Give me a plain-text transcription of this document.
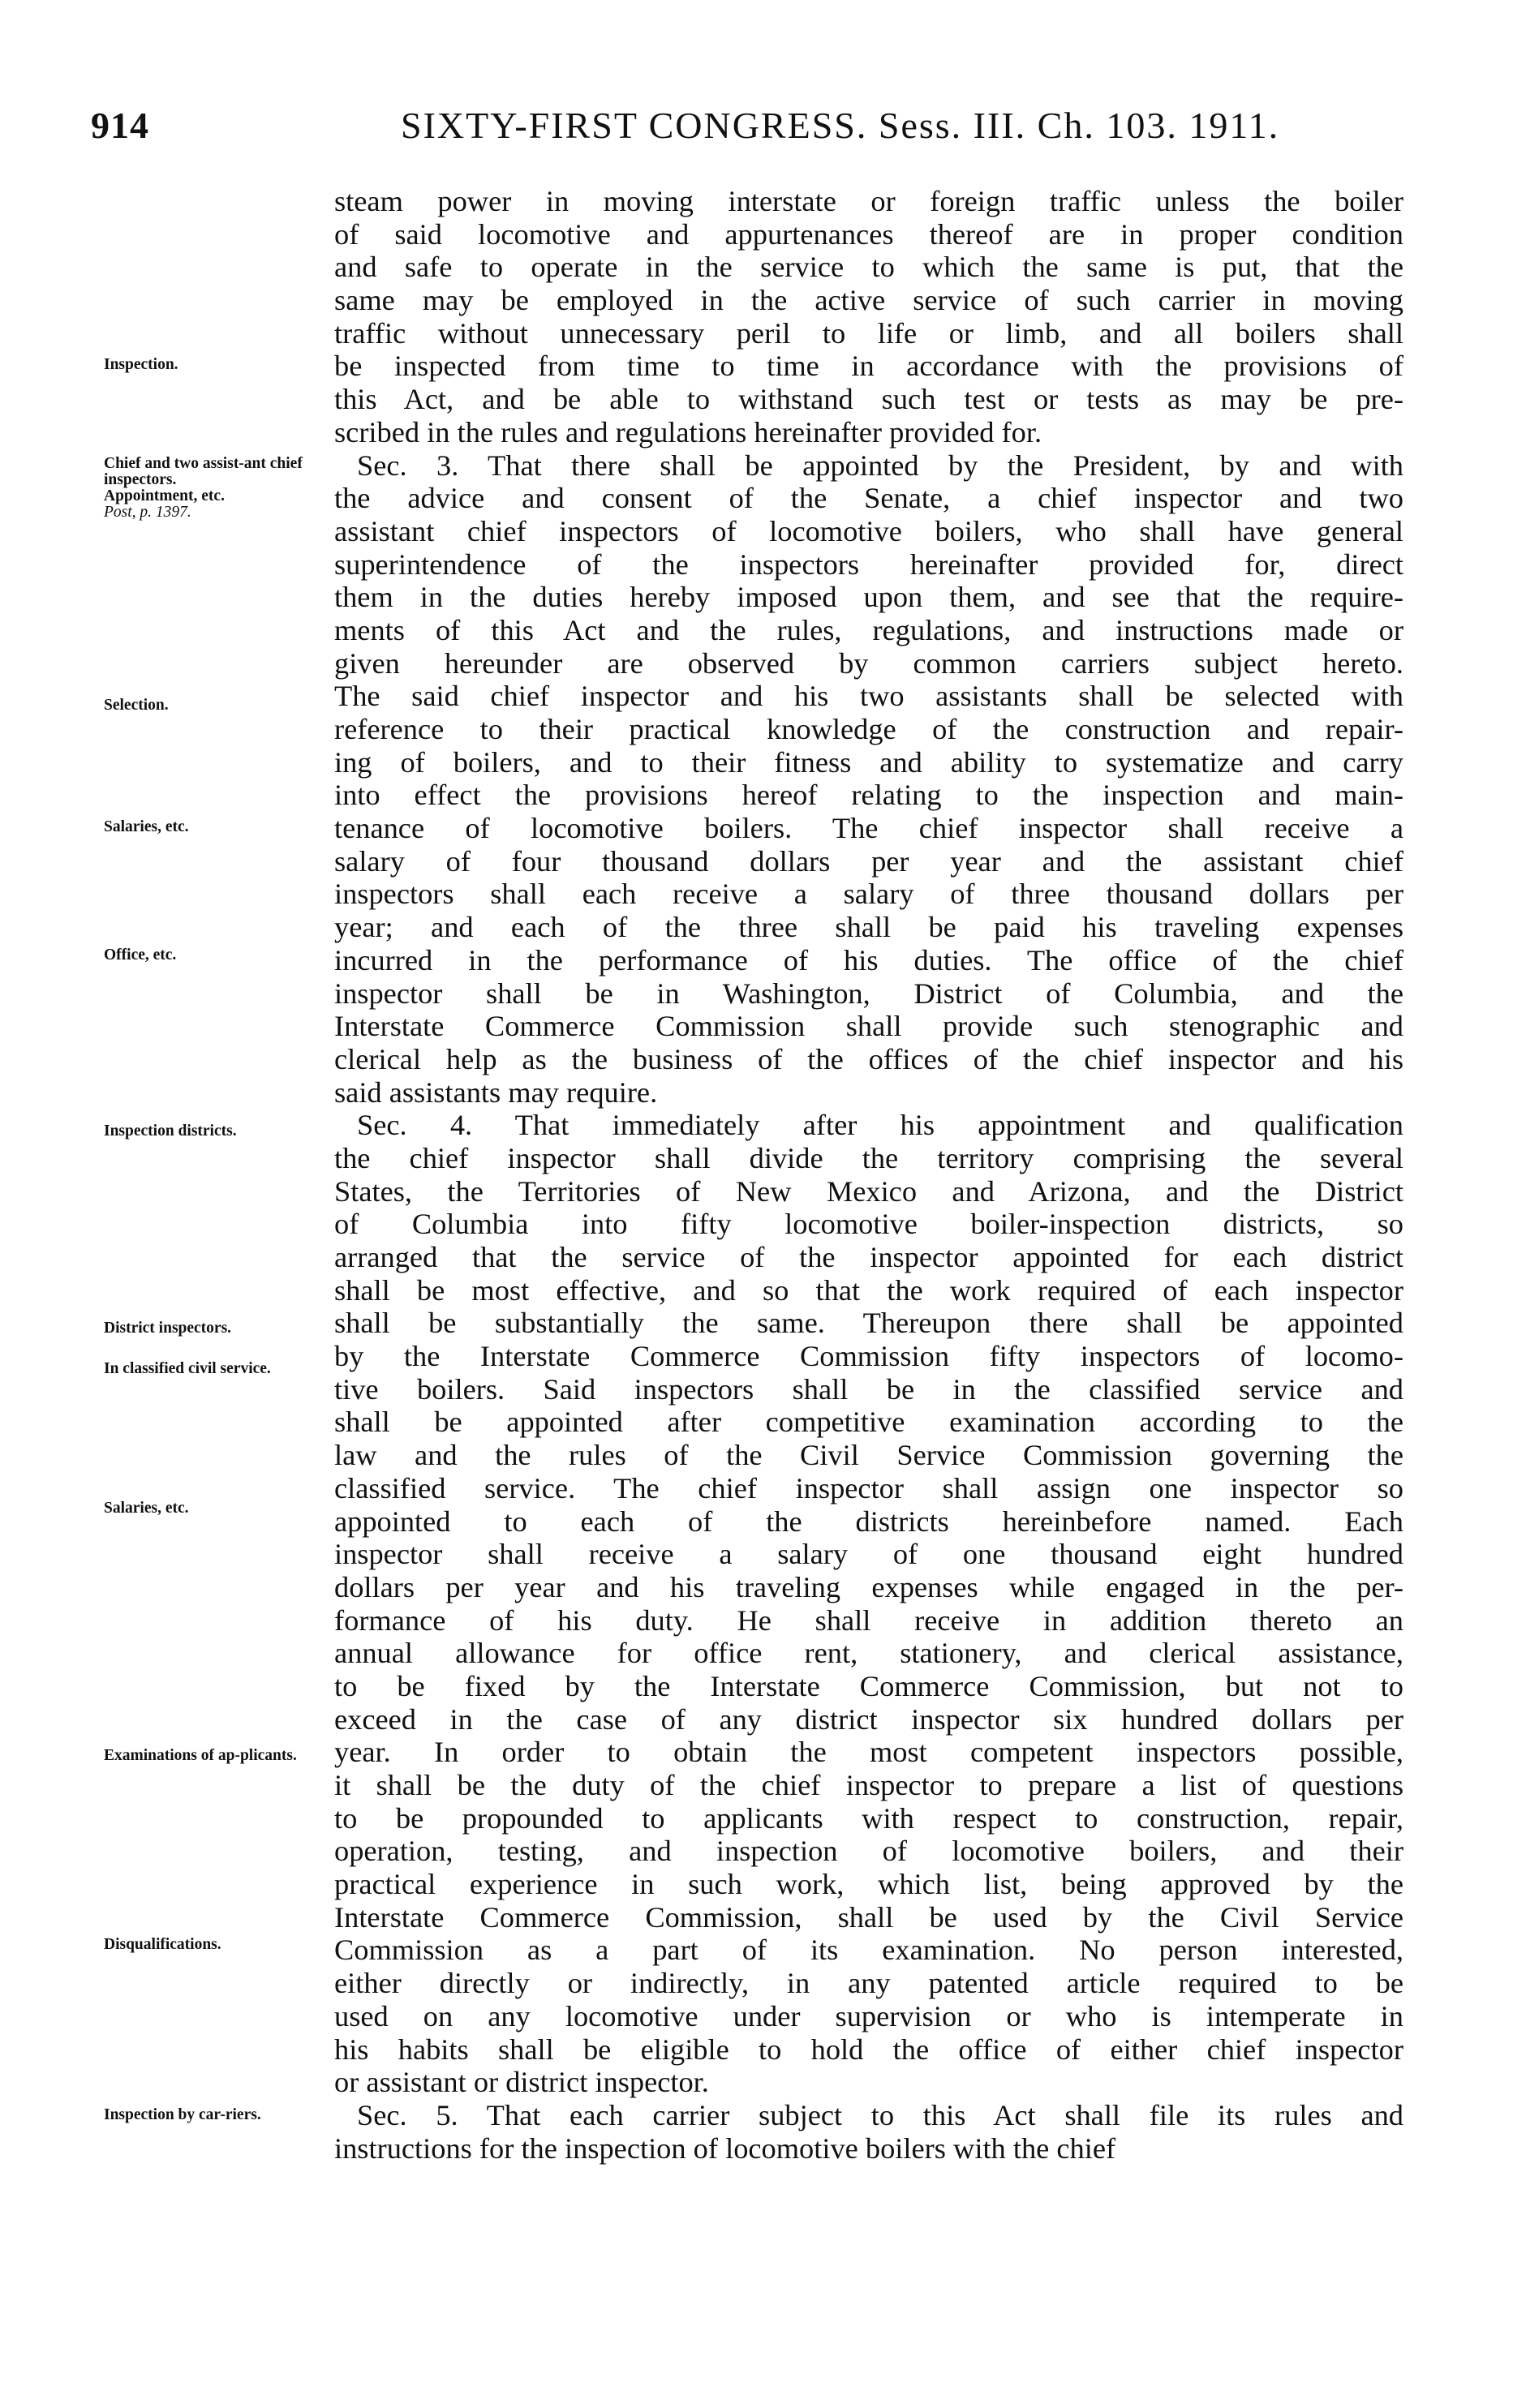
914	SIXTY-FIRST CONGRESS. Sess. III. Ch. 103. 1911.
Inspection.
Chief and two assist-ant chief inspectors.
Appointment, etc.
Post, p. 1397.
Selection.
Salaries, etc.
Office, etc.
Inspection districts.
District inspectors.
In classified civil service.
Salaries, etc.
Examinations of ap-plicants.
Disqualifications.
Inspection by car-riers.
steam power in moving interstate or foreign traffic unless the boiler
of said locomotive and appurtenances thereof are in proper condition
and safe to operate in the service to which the same is put, that the
same may be employed in the active service of such carrier in moving
traffic without unnecessary peril to life or limb, and all boilers shall
be inspected from time to time in accordance with the provisions of
this Act, and be able to withstand such test or tests as may be pre-
scribed in the rules and regulations hereinafter provided for.
Sec. 3. That there shall be appointed by the President, by and with
the advice and consent of the Senate, a chief inspector and two
assistant chief inspectors of locomotive boilers, who shall have general
superintendence of the inspectors hereinafter provided for, direct
them in the duties hereby imposed upon them, and see that the require-
ments of this Act and the rules, regulations, and instructions made or
given hereunder are observed by common carriers subject hereto.
The said chief inspector and his two assistants shall be selected with
reference to their practical knowledge of the construction and repair-
ing of boilers, and to their fitness and ability to systematize and carry
into effect the provisions hereof relating to the inspection and main-
tenance of locomotive boilers. The chief inspector shall receive a
salary of four thousand dollars per year and the assistant chief
inspectors shall each receive a salary of three thousand dollars per
year; and each of the three shall be paid his traveling expenses
incurred in the performance of his duties. The office of the chief
inspector shall be in Washington, District of Columbia, and the
Interstate Commerce Commission shall provide such stenographic and
clerical help as the business of the offices of the chief inspector and his
said assistants may require.
Sec. 4. That immediately after his appointment and qualification
the chief inspector shall divide the territory comprising the several
States, the Territories of New Mexico and Arizona, and the District
of Columbia into fifty locomotive boiler-inspection districts, so
arranged that the service of the inspector appointed for each district
shall be most effective, and so that the work required of each inspector
shall be substantially the same. Thereupon there shall be appointed
by the Interstate Commerce Commission fifty inspectors of locomo-
tive boilers. Said inspectors shall be in the classified service and
shall be appointed after competitive examination according to the
law and the rules of the Civil Service Commission governing the
classified service. The chief inspector shall assign one inspector so
appointed to each of the districts hereinbefore named. Each
inspector shall receive a salary of one thousand eight hundred
dollars per year and his traveling expenses while engaged in the per-
formance of his duty. He shall receive in addition thereto an
annual allowance for office rent, stationery, and clerical assistance,
to be fixed by the Interstate Commerce Commission, but not to
exceed in the case of any district inspector six hundred dollars per
year. In order to obtain the most competent inspectors possible,
it shall be the duty of the chief inspector to prepare a list of questions
to be propounded to applicants with respect to construction, repair,
operation, testing, and inspection of locomotive boilers, and their
practical experience in such work, which list, being approved by the
Interstate Commerce Commission, shall be used by the Civil Service
Commission as a part of its examination. No person interested,
either directly or indirectly, in any patented article required to be
used on any locomotive under supervision or who is intemperate in
his habits shall be eligible to hold the office of either chief inspector
or assistant or district inspector.
Sec. 5. That each carrier subject to this Act shall file its rules and
instructions for the inspection of locomotive boilers with the chief
